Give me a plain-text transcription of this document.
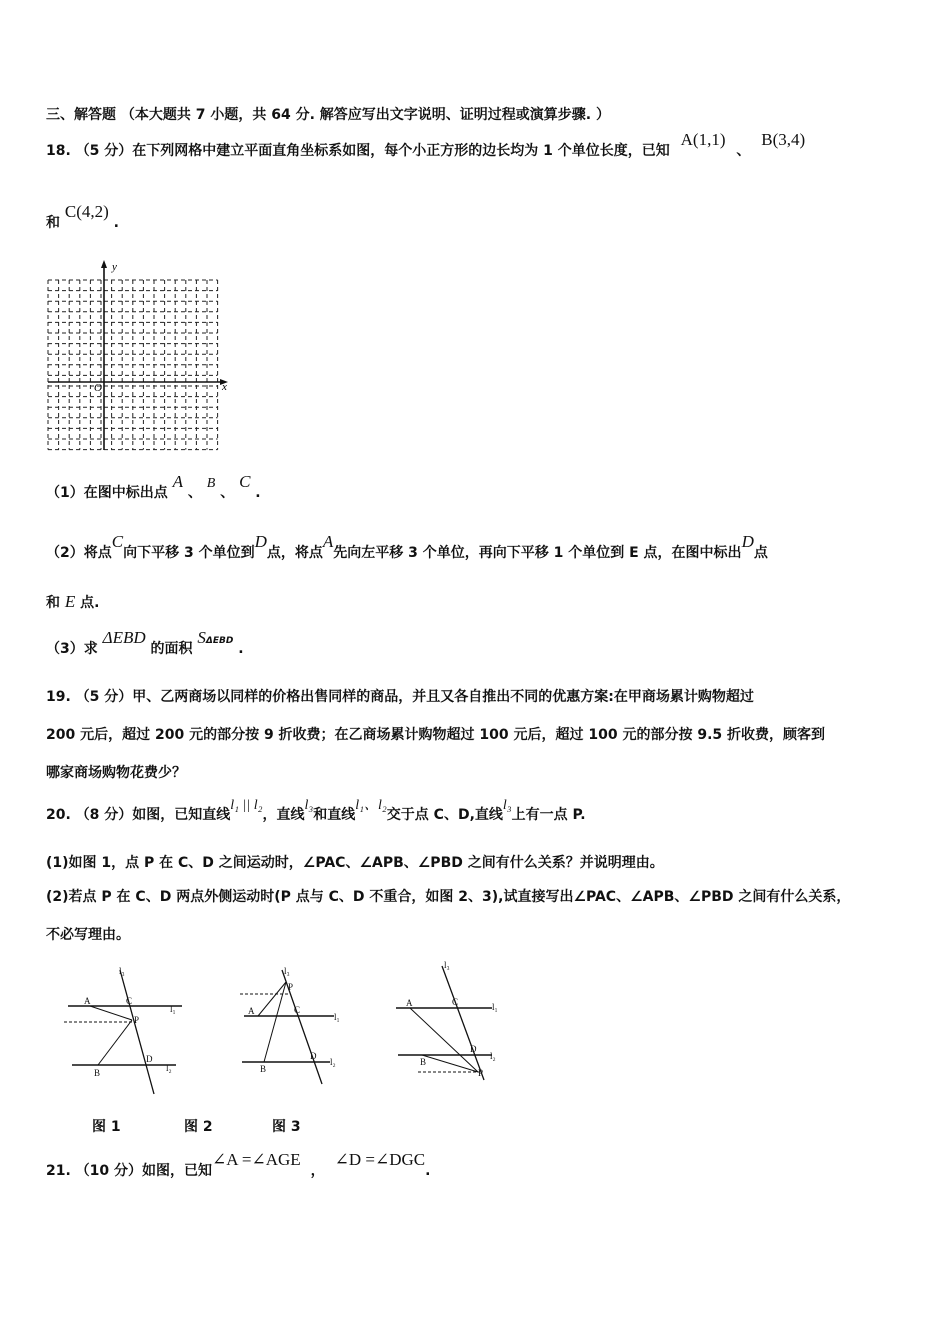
三、解答题 （本大题共 7 小题，共 64 分. 解答应写出文字说明、证明过程或演算步骤. ）
18. （5 分）在下列网格中建立平面直角坐标系如图，每个小正方形的边长均为 1 个单位长度，已知 A(1,1) 、 B(3,4)
和 C(4,2) .
y
x
O
（1）在图中标出点 A 、 B 、 C .
（2）将点C向下平移 3 个单位到D点，将点A先向左平移 3 个单位，再向下平移 1 个单位到 E 点，在图中标出D点
和 E 点.
（3）求 ΔEBD 的面积 SΔEBD .
19. （5 分）甲、乙两商场以同样的价格出售同样的商品，并且又各自推出不同的优惠方案:在甲商场累计购物超过
200 元后，超过 200 元的部分按 9 折收费；在乙商场累计购物超过 100 元后，超过 100 元的部分按 9.5 折收费，顾客到
哪家商场购物花费少？
20. （8 分）如图，已知直线l₁ || l₂，直线l₃和直线l₁、l₂交于点 C、D,直线l₃上有一点 P.
(1)如图 1，点 P 在 C、D 之间运动时，∠PAC、∠APB、∠PBD 之间有什么关系？并说明理由。
(2)若点 P 在 C、D 两点外侧运动时(P 点与 C、D 不重合，如图 2、3),试直接写出∠PAC、∠APB、∠PBD 之间有什么关系，
不必写理由。
l₃
A	C
P
l₁
D
l₂
B
l₃
P
A	C
l₁
D
l₂
B
l₃
A	C	l₁
D
l₂
B
P
图 1	图 2	图 3
21. （10 分）如图，已知∠A =∠AGE，∠D =∠DGC.
